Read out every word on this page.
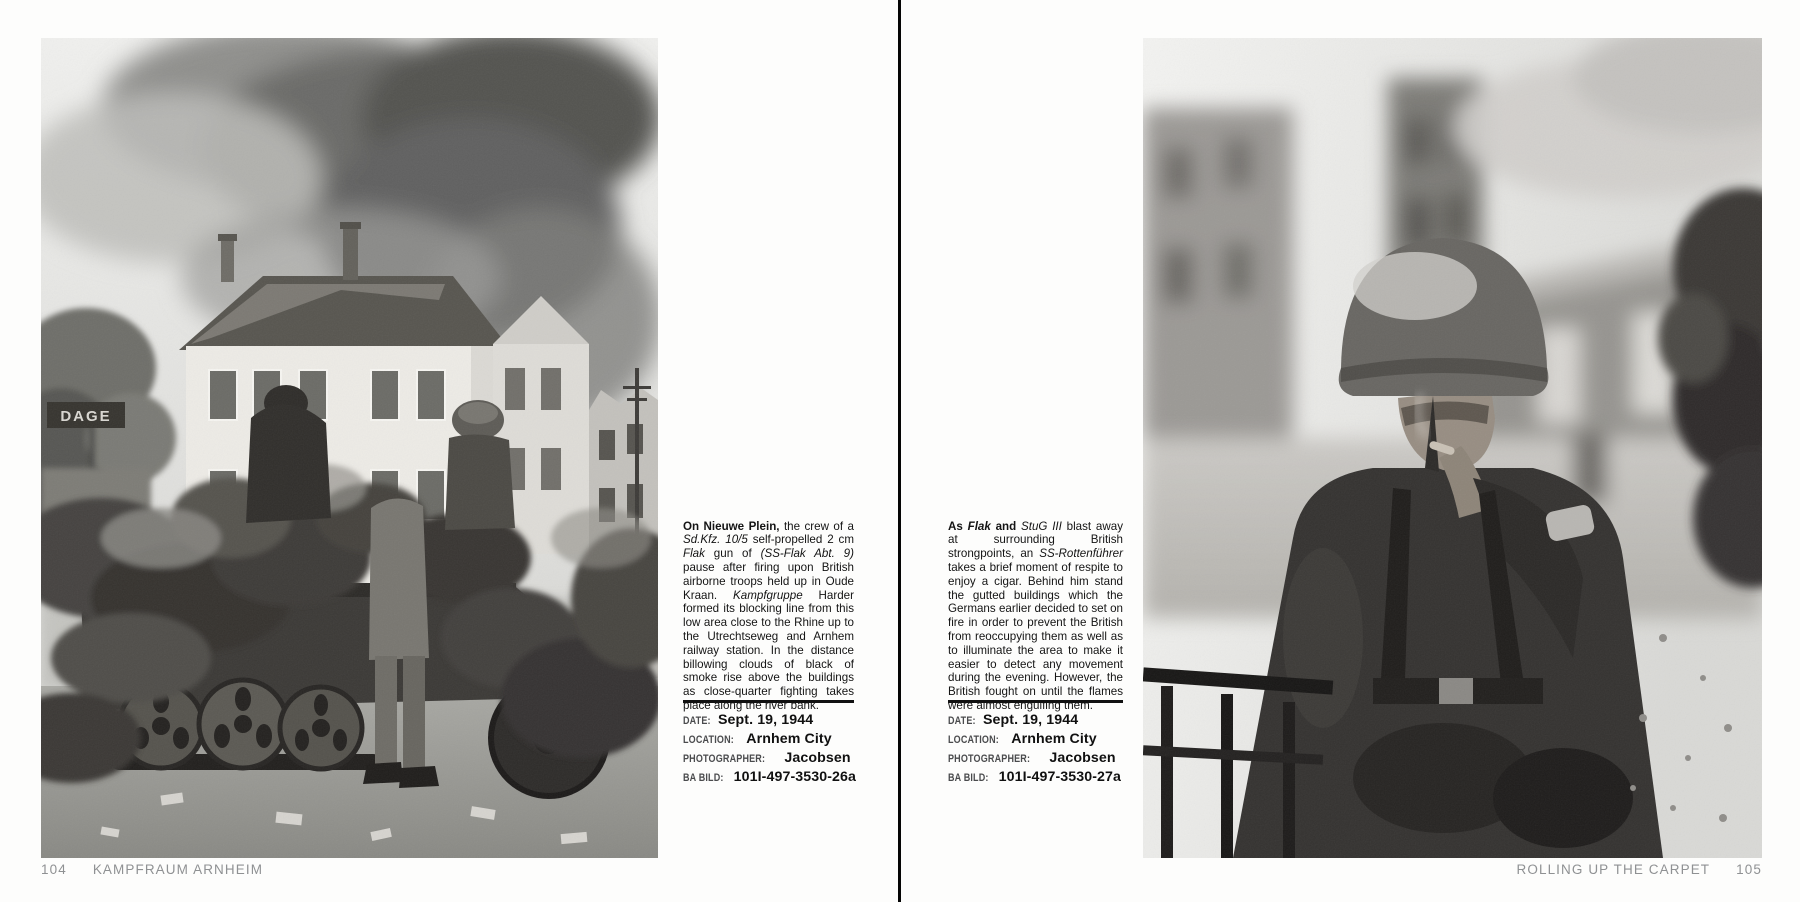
DAGE

On Nieuwe Plein, the crew of a Sd.Kfz. 10/5 self-propelled 2 cm Flak gun of (SS-Flak Abt. 9) pause after firing upon British airborne troops held up in Oude Kraan. Kampfgruppe Harder formed its blocking line from this low area close to the Rhine up to the Utrechtseweg and Arnhem railway station. In the distance billowing clouds of black of smoke rise above the buildings as close-quarter fighting takes place along the river bank.

DATE: Sept. 19, 1944
LOCATION: Arnhem City
PHOTOGRAPHER: Jacobsen
BA BILD: 101I-497-3530-26a

As Flak and StuG III blast away at surrounding British strongpoints, an SS-Rottenführer takes a brief moment of respite to enjoy a cigar. Behind him stand the gutted buildings which the Germans earlier decided to set on fire in order to prevent the British from reoccupying them as well as to illuminate the area to make it easier to detect any movement during the evening. However, the British fought on until the flames were almost engulfing them.

DATE: Sept. 19, 1944
LOCATION: Arnhem City
PHOTOGRAPHER: Jacobsen
BA BILD: 101I-497-3530-27a
104 KAMPFRAUM ARNHEIM	ROLLING UP THE CARPET 105
